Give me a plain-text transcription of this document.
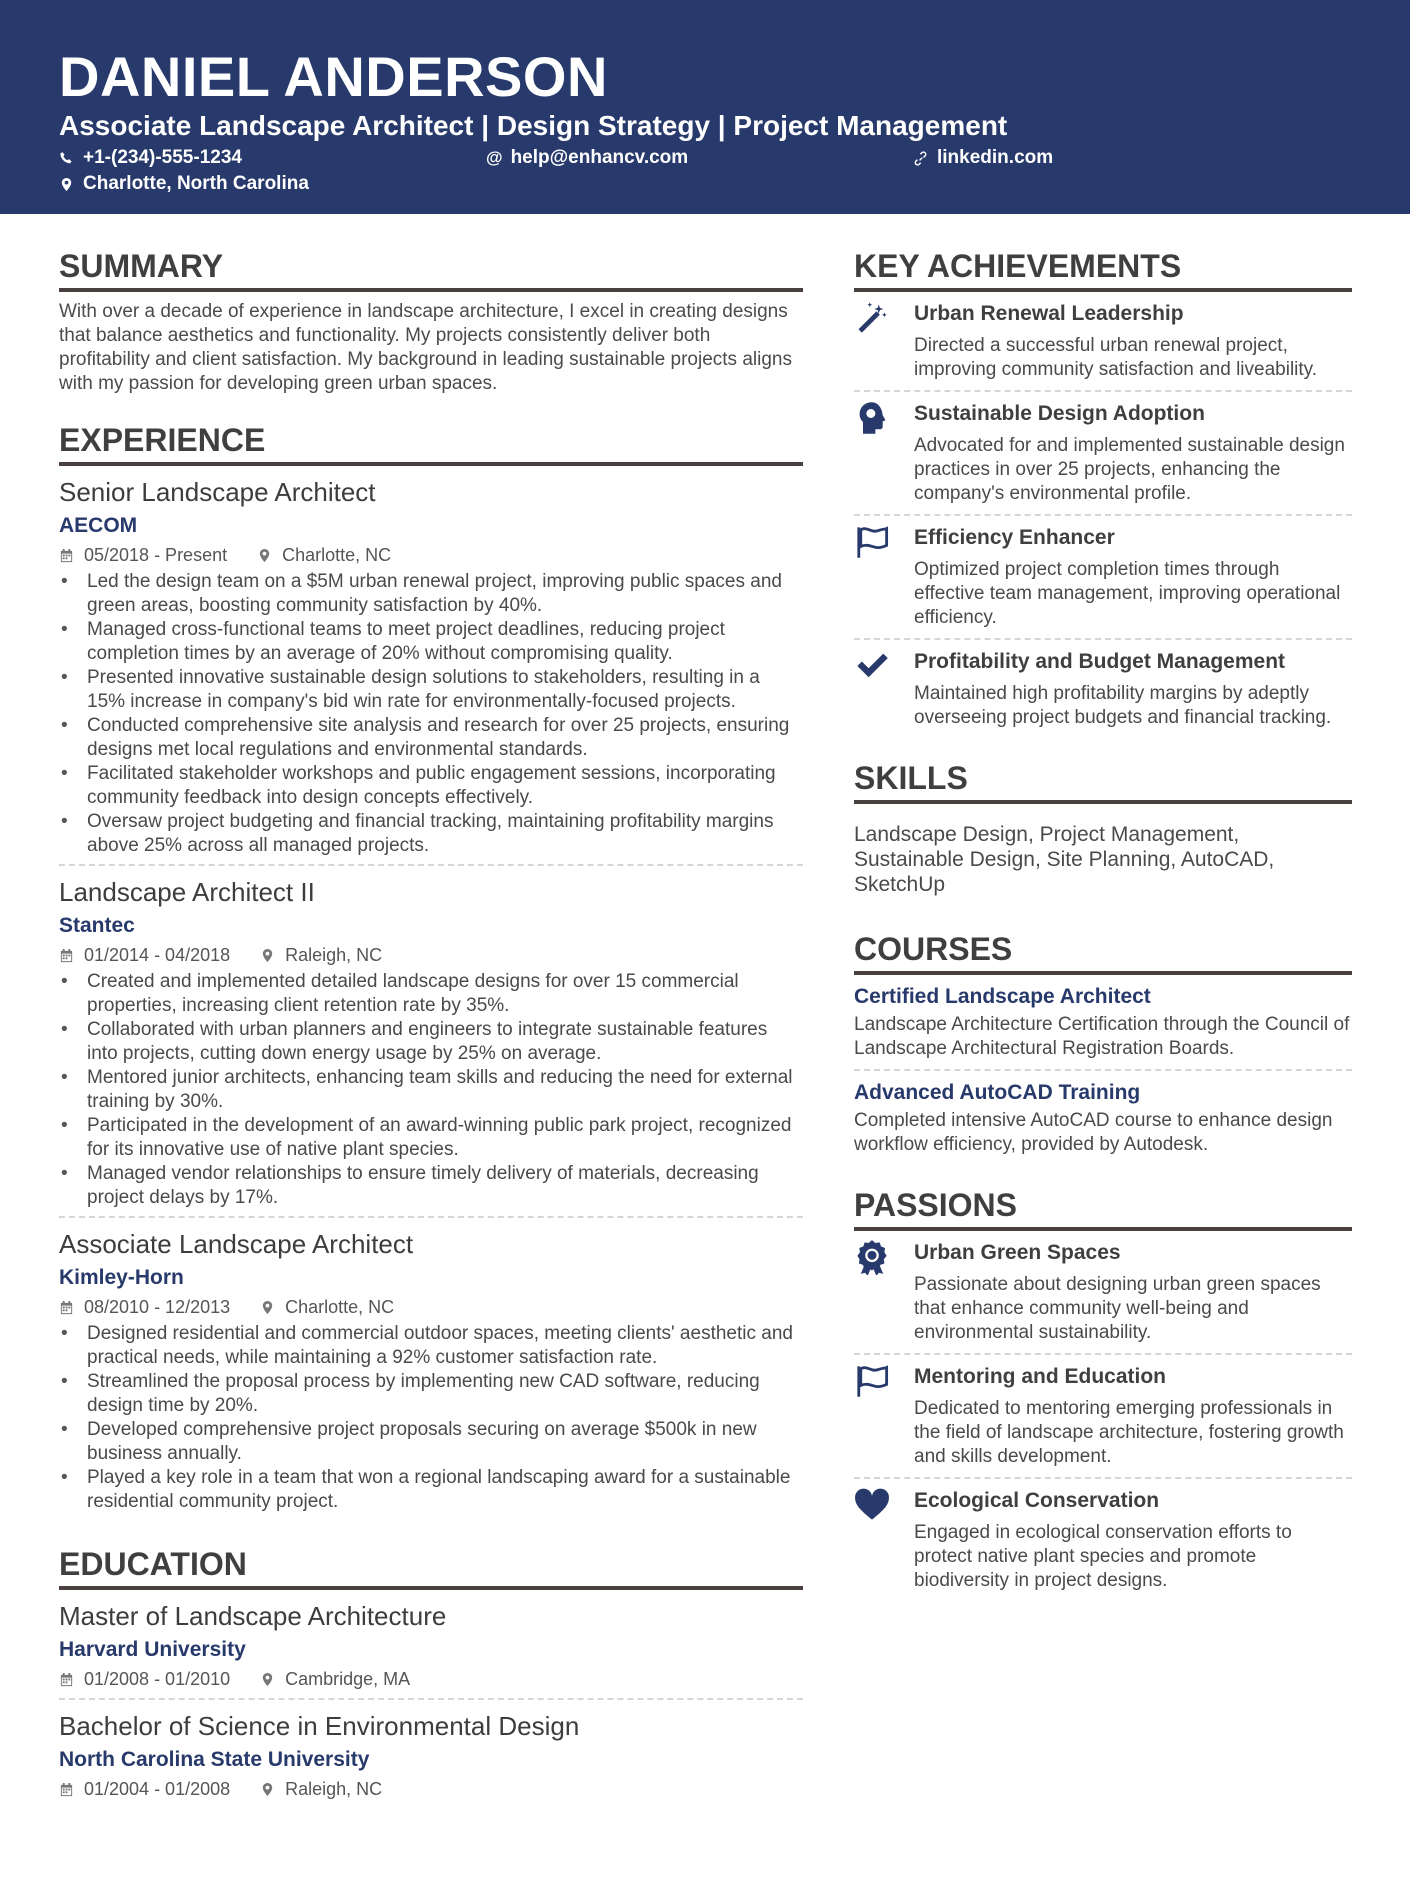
DANIEL ANDERSON
Associate Landscape Architect | Design Strategy | Project Management
+1-(234)-555-1234	@ help@enhancv.com	linkedin.com
Charlotte, North Carolina
SUMMARY
With over a decade of experience in landscape architecture, I excel in creating designs that balance aesthetics and functionality. My projects consistently deliver both profitability and client satisfaction. My background in leading sustainable projects aligns with my passion for developing green urban spaces.
EXPERIENCE
Senior Landscape Architect
AECOM
05/2018 - Present	Charlotte, NC
• Led the design team on a $5M urban renewal project, improving public spaces and green areas, boosting community satisfaction by 40%.
• Managed cross-functional teams to meet project deadlines, reducing project completion times by an average of 20% without compromising quality.
• Presented innovative sustainable design solutions to stakeholders, resulting in a 15% increase in company's bid win rate for environmentally-focused projects.
• Conducted comprehensive site analysis and research for over 25 projects, ensuring designs met local regulations and environmental standards.
• Facilitated stakeholder workshops and public engagement sessions, incorporating community feedback into design concepts effectively.
• Oversaw project budgeting and financial tracking, maintaining profitability margins above 25% across all managed projects.
Landscape Architect II
Stantec
01/2014 - 04/2018	Raleigh, NC
• Created and implemented detailed landscape designs for over 15 commercial properties, increasing client retention rate by 35%.
• Collaborated with urban planners and engineers to integrate sustainable features into projects, cutting down energy usage by 25% on average.
• Mentored junior architects, enhancing team skills and reducing the need for external training by 30%.
• Participated in the development of an award-winning public park project, recognized for its innovative use of native plant species.
• Managed vendor relationships to ensure timely delivery of materials, decreasing project delays by 17%.
Associate Landscape Architect
Kimley-Horn
08/2010 - 12/2013	Charlotte, NC
• Designed residential and commercial outdoor spaces, meeting clients' aesthetic and practical needs, while maintaining a 92% customer satisfaction rate.
• Streamlined the proposal process by implementing new CAD software, reducing design time by 20%.
• Developed comprehensive project proposals securing on average $500k in new business annually.
• Played a key role in a team that won a regional landscaping award for a sustainable residential community project.
EDUCATION
Master of Landscape Architecture
Harvard University
01/2008 - 01/2010	Cambridge, MA
Bachelor of Science in Environmental Design
North Carolina State University
01/2004 - 01/2008	Raleigh, NC
KEY ACHIEVEMENTS
Urban Renewal Leadership
Directed a successful urban renewal project, improving community satisfaction and liveability.
Sustainable Design Adoption
Advocated for and implemented sustainable design practices in over 25 projects, enhancing the company's environmental profile.
Efficiency Enhancer
Optimized project completion times through effective team management, improving operational efficiency.
Profitability and Budget Management
Maintained high profitability margins by adeptly overseeing project budgets and financial tracking.
SKILLS
Landscape Design, Project Management, Sustainable Design, Site Planning, AutoCAD, SketchUp
COURSES
Certified Landscape Architect
Landscape Architecture Certification through the Council of Landscape Architectural Registration Boards.
Advanced AutoCAD Training
Completed intensive AutoCAD course to enhance design workflow efficiency, provided by Autodesk.
PASSIONS
Urban Green Spaces
Passionate about designing urban green spaces that enhance community well-being and environmental sustainability.
Mentoring and Education
Dedicated to mentoring emerging professionals in the field of landscape architecture, fostering growth and skills development.
Ecological Conservation
Engaged in ecological conservation efforts to protect native plant species and promote biodiversity in project designs.
